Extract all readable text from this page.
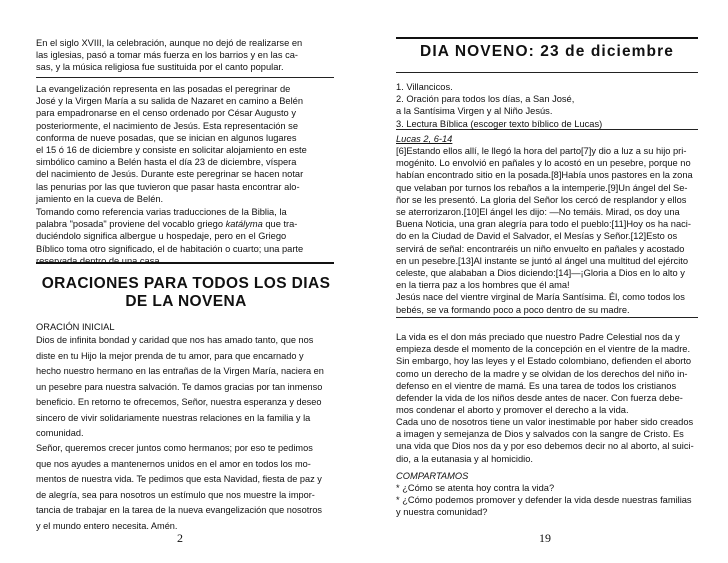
En el siglo XVIII, la celebración, aunque no dejó de realizarse en
las iglesias, pasó a tomar más fuerza en los barrios y en las ca-
sas, y la música religiosa fue sustituida por el canto popular.

La evangelización representa en las posadas el peregrinar de
José y la Virgen María a su salida de Nazaret en camino a Belén
para empadronarse en el censo ordenado por César Augusto y
posteriormente, el nacimiento de Jesús. Esta representación se
conforma de nueve posadas, que se inician en algunos lugares
el 15 ó 16 de diciembre y consiste en solicitar alojamiento en este
simbólico camino a Belén hasta el día 23 de diciembre, víspera
del nacimiento de Jesús. Durante este peregrinar se hacen notar
las penurias por las que tuvieron que pasar hasta encontrar alo-
jamiento en la cueva de Belén.

Tomando como referencia varias traducciones de la Biblia, la
palabra "posada" proviene del vocablo griego katályma que tra-
duciéndolo significa albergue u hospedaje, pero en el Griego
Bíblico toma otro significado, el de habitación o cuarto; una parte
reservada dentro de una casa.

ORACIONES PARA TODOS LOS DIAS
DE LA NOVENA

ORACIÓN INICIAL

Dios de infinita bondad y caridad que nos has amado tanto, que nos
diste en tu Hijo la mejor prenda de tu amor, para que encarnado y
hecho nuestro hermano en las entrañas de la Virgen María, naciera en
un pesebre para nuestra salvación. Te damos gracias por tan inmenso
beneficio. En retorno te ofrecemos, Señor, nuestra esperanza y deseo
sincero de vivir solidariamente nuestras relaciones en la familia y la
comunidad.

Señor, queremos crecer juntos como hermanos; por eso te pedimos
que nos ayudes a mantenernos unidos en el amor en todos los mo-
mentos de nuestra vida. Te pedimos que esta Navidad, fiesta de paz y
de alegría, sea para nosotros un estímulo que nos muestre la impor-
tancia de trabajar en la tarea de la nueva evangelización que nosotros
y el mundo entero necesita. Amén.

2
DIA NOVENO: 23 de diciembre

1. Villancicos.
2. Oración para todos los días, a San José,
a la Santísima Virgen y al Niño Jesús.
3. Lectura Bíblica (escoger texto bíblico de Lucas)

Lucas 2, 6-14

[6]Estando ellos allí, le llegó la hora del parto[7]y dio a luz a su hijo pri-
mogénito. Lo envolvió en pañales y lo acostó en un pesebre, porque no
habían encontrado sitio en la posada.[8]Había unos pastores en la zona
que velaban por turnos los rebaños a la intemperie.[9]Un ángel del Se-
ñor se les presentó. La gloria del Señor los cercó de resplandor y ellos
se aterrorizaron.[10]El ángel les dijo: —No temáis. Mirad, os doy una
Buena Noticia, una gran alegría para todo el pueblo:[11]Hoy os ha naci-
do en la Ciudad de David el Salvador, el Mesías y Señor.[12]Esto os
servirá de señal: encontraréis un niño envuelto en pañales y acostado
en un pesebre.[13]Al instante se juntó al ángel una multitud del ejército
celeste, que alababan a Dios diciendo:[14]—¡Gloria a Dios en lo alto y
en la tierra paz a los hombres que él ama!
Jesús nace del vientre virginal de María Santísima. Él, como todos los
bebés, se va formando poco a poco dentro de su madre.

La vida es el don más preciado que nuestro Padre Celestial nos da y
empieza desde el momento de la concepción en el vientre de la madre.
Sin embargo, hoy las leyes y el Estado colombiano, defienden el aborto
como un derecho de la madre y se olvidan de los derechos del niño in-
defenso en el vientre de mamá. Es una tarea de todos los cristianos
defender la vida de los niños desde antes de nacer. Con fuerza debe-
mos condenar el aborto y promover el derecho a la vida.

Cada uno de nosotros tiene un valor inestimable por haber sido creados
a imagen y semejanza de Dios y salvados con la sangre de Cristo. Es
una vida que Dios nos da y por eso debemos decir no al aborto, al suici-
dio, a la eutanasia y al homicidio.

COMPARTAMOS

* ¿Cómo se atenta hoy contra la vida?
* ¿Cómo podemos promover y defender la vida desde nuestras familias
y nuestra comunidad?

19
